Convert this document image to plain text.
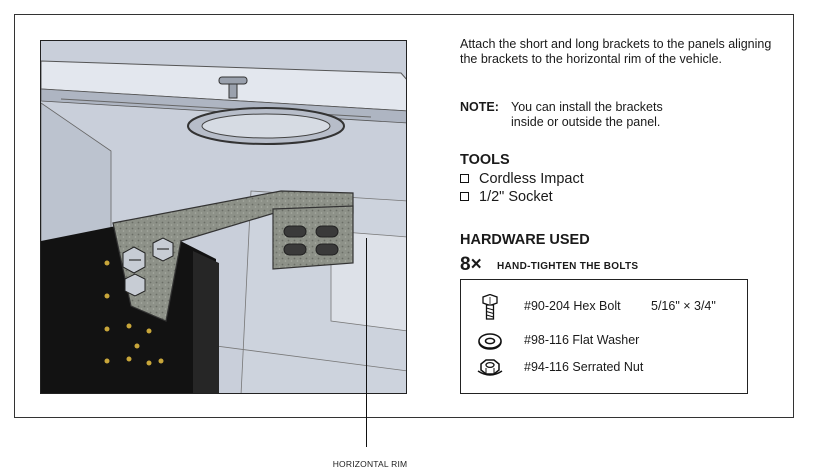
HORIZONTAL RIM

Attach the short and long brackets to the panels aligning the brackets to the horizontal rim of the vehicle.

NOTE: You can install the brackets
inside or outside the panel.
TOOLS
Cordless Impact
1/2" Socket
HARDWARE USED
8× HAND-TIGHTEN THE BOLTS
#90-204 Hex Bolt 5/16" × 3/4"
#98-116 Flat Washer
#94-116 Serrated Nut
